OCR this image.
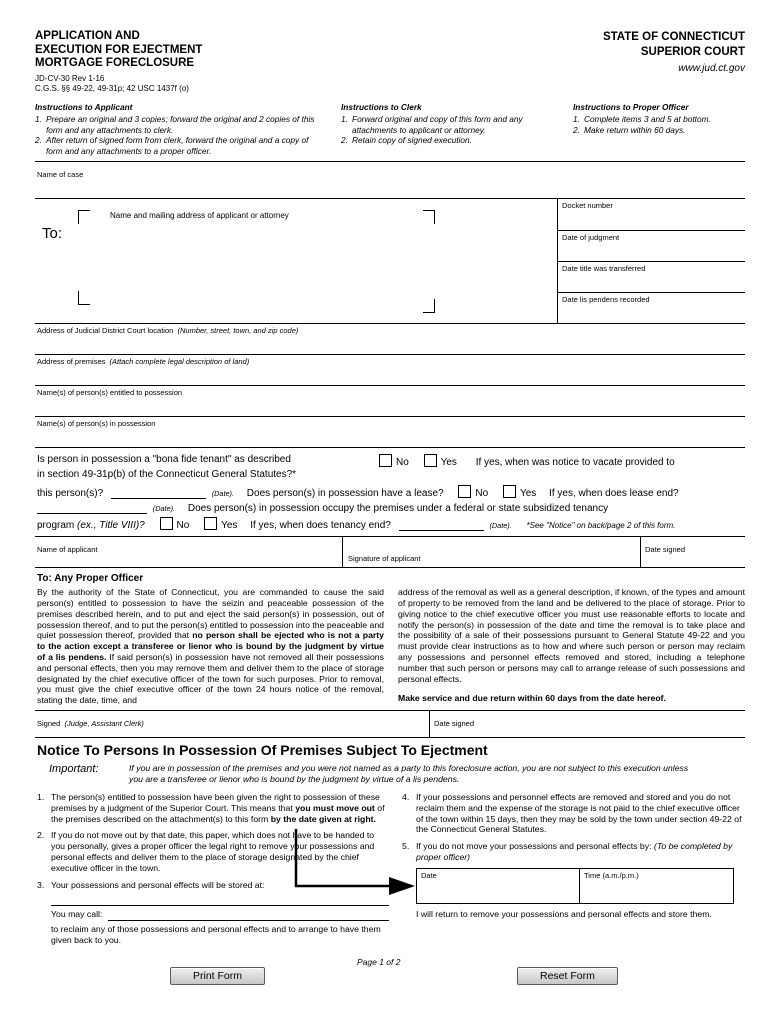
APPLICATION AND
EXECUTION FOR EJECTMENT
MORTGAGE FORECLOSURE
JD-CV-30 Rev 1-16
C.G.S. §§ 49-22, 49-31p; 42 USC 1437f (o)
STATE OF CONNECTICUT
SUPERIOR COURT
www.jud.ct.gov
Instructions to Applicant
1. Prepare an original and 3 copies; forward the original and 2 copies of this form and any attachments to clerk.
2. After return of signed form from clerk, forward the original and a copy of form and any attachments to a proper officer.
Instructions to Clerk
1. Forward original and copy of this form and any attachments to applicant or attorney.
2. Retain copy of signed execution.
Instructions to Proper Officer
1. Complete items 3 and 5 at bottom.
2. Make return within 60 days.
Name of case
To:
Name and mailing address of applicant or attorney
Docket number
Date of judgment
Date title was transferred
Date lis pendens recorded
Address of Judicial District Court location (Number, street, town, and zip code)
Address of premises (Attach complete legal description of land)
Name(s) of person(s) entitled to possession
Name(s) of person(s) in possession
Is person in possession a "bona fide tenant" as described
in section 49-31p(b) of the Connecticut General Statutes?*
No	Yes If yes, when was notice to vacate provided to
this person(s)?	(Date). Does person(s) in possession have a lease?	No	Yes If yes, when does lease end?
(Date). Does person(s) in possession occupy the premises under a federal or state subsidized tenancy
program (ex., Title VIII)?	No	Yes If yes, when does tenancy end?	(Date). *See "Notice" on back/page 2 of this form.
Name of applicant
Signature of applicant
Date signed
To: Any Proper Officer
By the authority of the State of Connecticut, you are commanded to cause the said person(s) entitled to possession to have the seizin and peaceable possession of the premises described herein, and to put and eject the said person(s) in possession, out of possession thereof, and to put the person(s) entitled to possession into the peaceable and quiet possession thereof, provided that no person shall be ejected who is not a party to the action except a transferee or lienor who is bound by the judgment by virtue of a lis pendens. If said person(s) in possession have not removed all their possessions and personal effects, then you may remove them and deliver them to the place of storage designated by the chief executive officer of the town for such purposes. Prior to removal, you must give the chief executive officer of the town 24 hours notice of the removal, stating the date, time, and
address of the removal as well as a general description, if known, of the types and amount of property to be removed from the land and be delivered to the place of storage. Prior to giving notice to the chief executive officer you must use reasonable efforts to locate and notify the person(s) in possession of the date and time the removal is to take place and the possibility of a sale of their possessions pursuant to General Statute 49-22 and you must provide clear instructions as to how and where such person or person may reclaim any possessions and personnel effects removed and stored, including a telephone number that such person or persons may call to arrange release of such possessions and personal effects.
Make service and due return within 60 days from the date hereof.
Signed (Judge, Assistant Clerk)	Date signed
Notice To Persons In Possession Of Premises Subject To Ejectment
Important:	If you are in possession of the premises and you were not named as a party to this foreclosure action, you are not subject to this execution unless you are a transferee or lienor who is bound by the judgment by virtue of a lis pendens.
1. The person(s) entitled to possession have been given the right to possession of these premises by a judgment of the Superior Court. This means that you must move out of the premises described on the attachment(s) to this form by the date given at right.
2. If you do not move out by that date, this paper, which does not have to be handed to you personally, gives a proper officer the legal right to remove your possessions and personal effects and deliver them to the place of storage designated by the chief executive officer in the town.
3. Your possessions and personal effects will be stored at:
You may call:
to reclaim any of those possessions and personal effects and to arrange to have them given back to you.
4. If your possessions and personnel effects are removed and stored and you do not reclaim them and the expense of the storage is not paid to the chief executive officer of the town within 15 days, then they may be sold by the town under section 49-22 of the Connecticut General Statutes.
5. If you do not move your possessions and personal effects by: (To be completed by proper officer)
Date	Time (a.m./p.m.)
I will return to remove your possessions and personal effects and store them.
Page 1 of 2
Print Form	Reset Form
